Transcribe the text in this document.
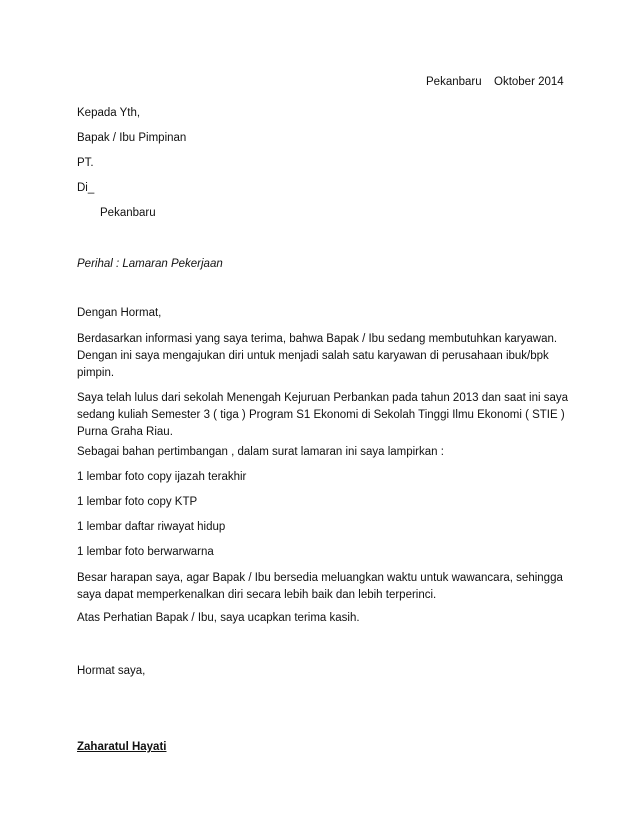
Pekanbaru Oktober 2014
Kepada Yth,
Bapak / Ibu Pimpinan
PT.
Di_
Pekanbaru
Perihal : Lamaran Pekerjaan
Dengan Hormat,
Berdasarkan informasi yang saya terima, bahwa Bapak / Ibu sedang membutuhkan karyawan. Dengan ini saya mengajukan diri untuk menjadi salah satu karyawan di perusahaan ibuk/bpk pimpin.
Saya telah lulus dari sekolah Menengah Kejuruan Perbankan pada tahun 2013 dan saat ini saya sedang kuliah Semester 3 ( tiga ) Program S1 Ekonomi di Sekolah Tinggi Ilmu Ekonomi ( STIE ) Purna Graha Riau.
Sebagai bahan pertimbangan , dalam surat lamaran ini saya lampirkan :
1 lembar foto copy ijazah terakhir
1 lembar foto copy KTP
1 lembar daftar riwayat hidup
1 lembar foto berwarwarna
Besar harapan saya, agar Bapak / Ibu bersedia meluangkan waktu untuk wawancara, sehingga saya dapat memperkenalkan diri secara lebih baik dan lebih terperinci.
Atas Perhatian Bapak / Ibu, saya ucapkan terima kasih.
Hormat saya,
Zaharatul Hayati
